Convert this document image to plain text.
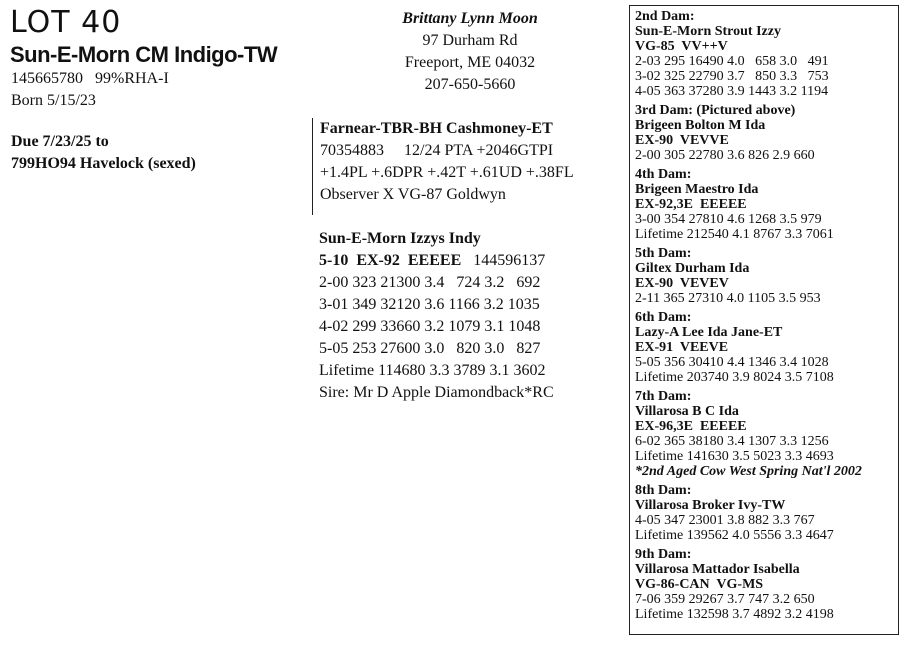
LOT 40
Sun-E-Morn CM Indigo-TW
145665780   99%RHA-I
Born 5/15/23
Due 7/23/25 to
799HO94 Havelock (sexed)
Brittany Lynn Moon
97 Durham Rd
Freeport, ME 04032
207-650-5660
Farnear-TBR-BH Cashmoney-ET
70354883     12/24 PTA +2046GTPI
+1.4PL +.6DPR +.42T +.61UD +.38FL
Observer X VG-87 Goldwyn
Sun-E-Morn Izzys Indy
5-10  EX-92  EEEEE 144596137
2-00 323 21300 3.4   724 3.2   692
3-01 349 32120 3.6 1166 3.2 1035
4-02 299 33660 3.2 1079 3.1 1048
5-05 253 27600 3.0   820 3.0   827
Lifetime 114680 3.3 3789 3.1 3602
Sire: Mr D Apple Diamondback*RC
2nd Dam:
Sun-E-Morn Strout Izzy
VG-85  VV++V
2-03 295 16490 4.0   658 3.0   491
3-02 325 22790 3.7   850 3.3   753
4-05 363 37280 3.9 1443 3.2 1194
3rd Dam: (Pictured above)
Brigeen Bolton M Ida
EX-90  VEVVE
2-00 305 22780 3.6 826 2.9 660
4th Dam:
Brigeen Maestro Ida
EX-92,3E  EEEEE
3-00 354 27810 4.6 1268 3.5 979
Lifetime 212540 4.1 8767 3.3 7061
5th Dam:
Giltex Durham Ida
EX-90  VEVEV
2-11 365 27310 4.0 1105 3.5 953
6th Dam:
Lazy-A Lee Ida Jane-ET
EX-91  VEEVE
5-05 356 30410 4.4 1346 3.4 1028
Lifetime 203740 3.9 8024 3.5 7108
7th Dam:
Villarosa B C Ida
EX-96,3E  EEEEE
6-02 365 38180 3.4 1307 3.3 1256
Lifetime 141630 3.5 5023 3.3 4693
*2nd Aged Cow West Spring Nat'l 2002
8th Dam:
Villarosa Broker Ivy-TW
4-05 347 23001 3.8 882 3.3 767
Lifetime 139562 4.0 5556 3.3 4647
9th Dam:
Villarosa Mattador Isabella
VG-86-CAN  VG-MS
7-06 359 29267 3.7 747 3.2 650
Lifetime 132598 3.7 4892 3.2 4198
